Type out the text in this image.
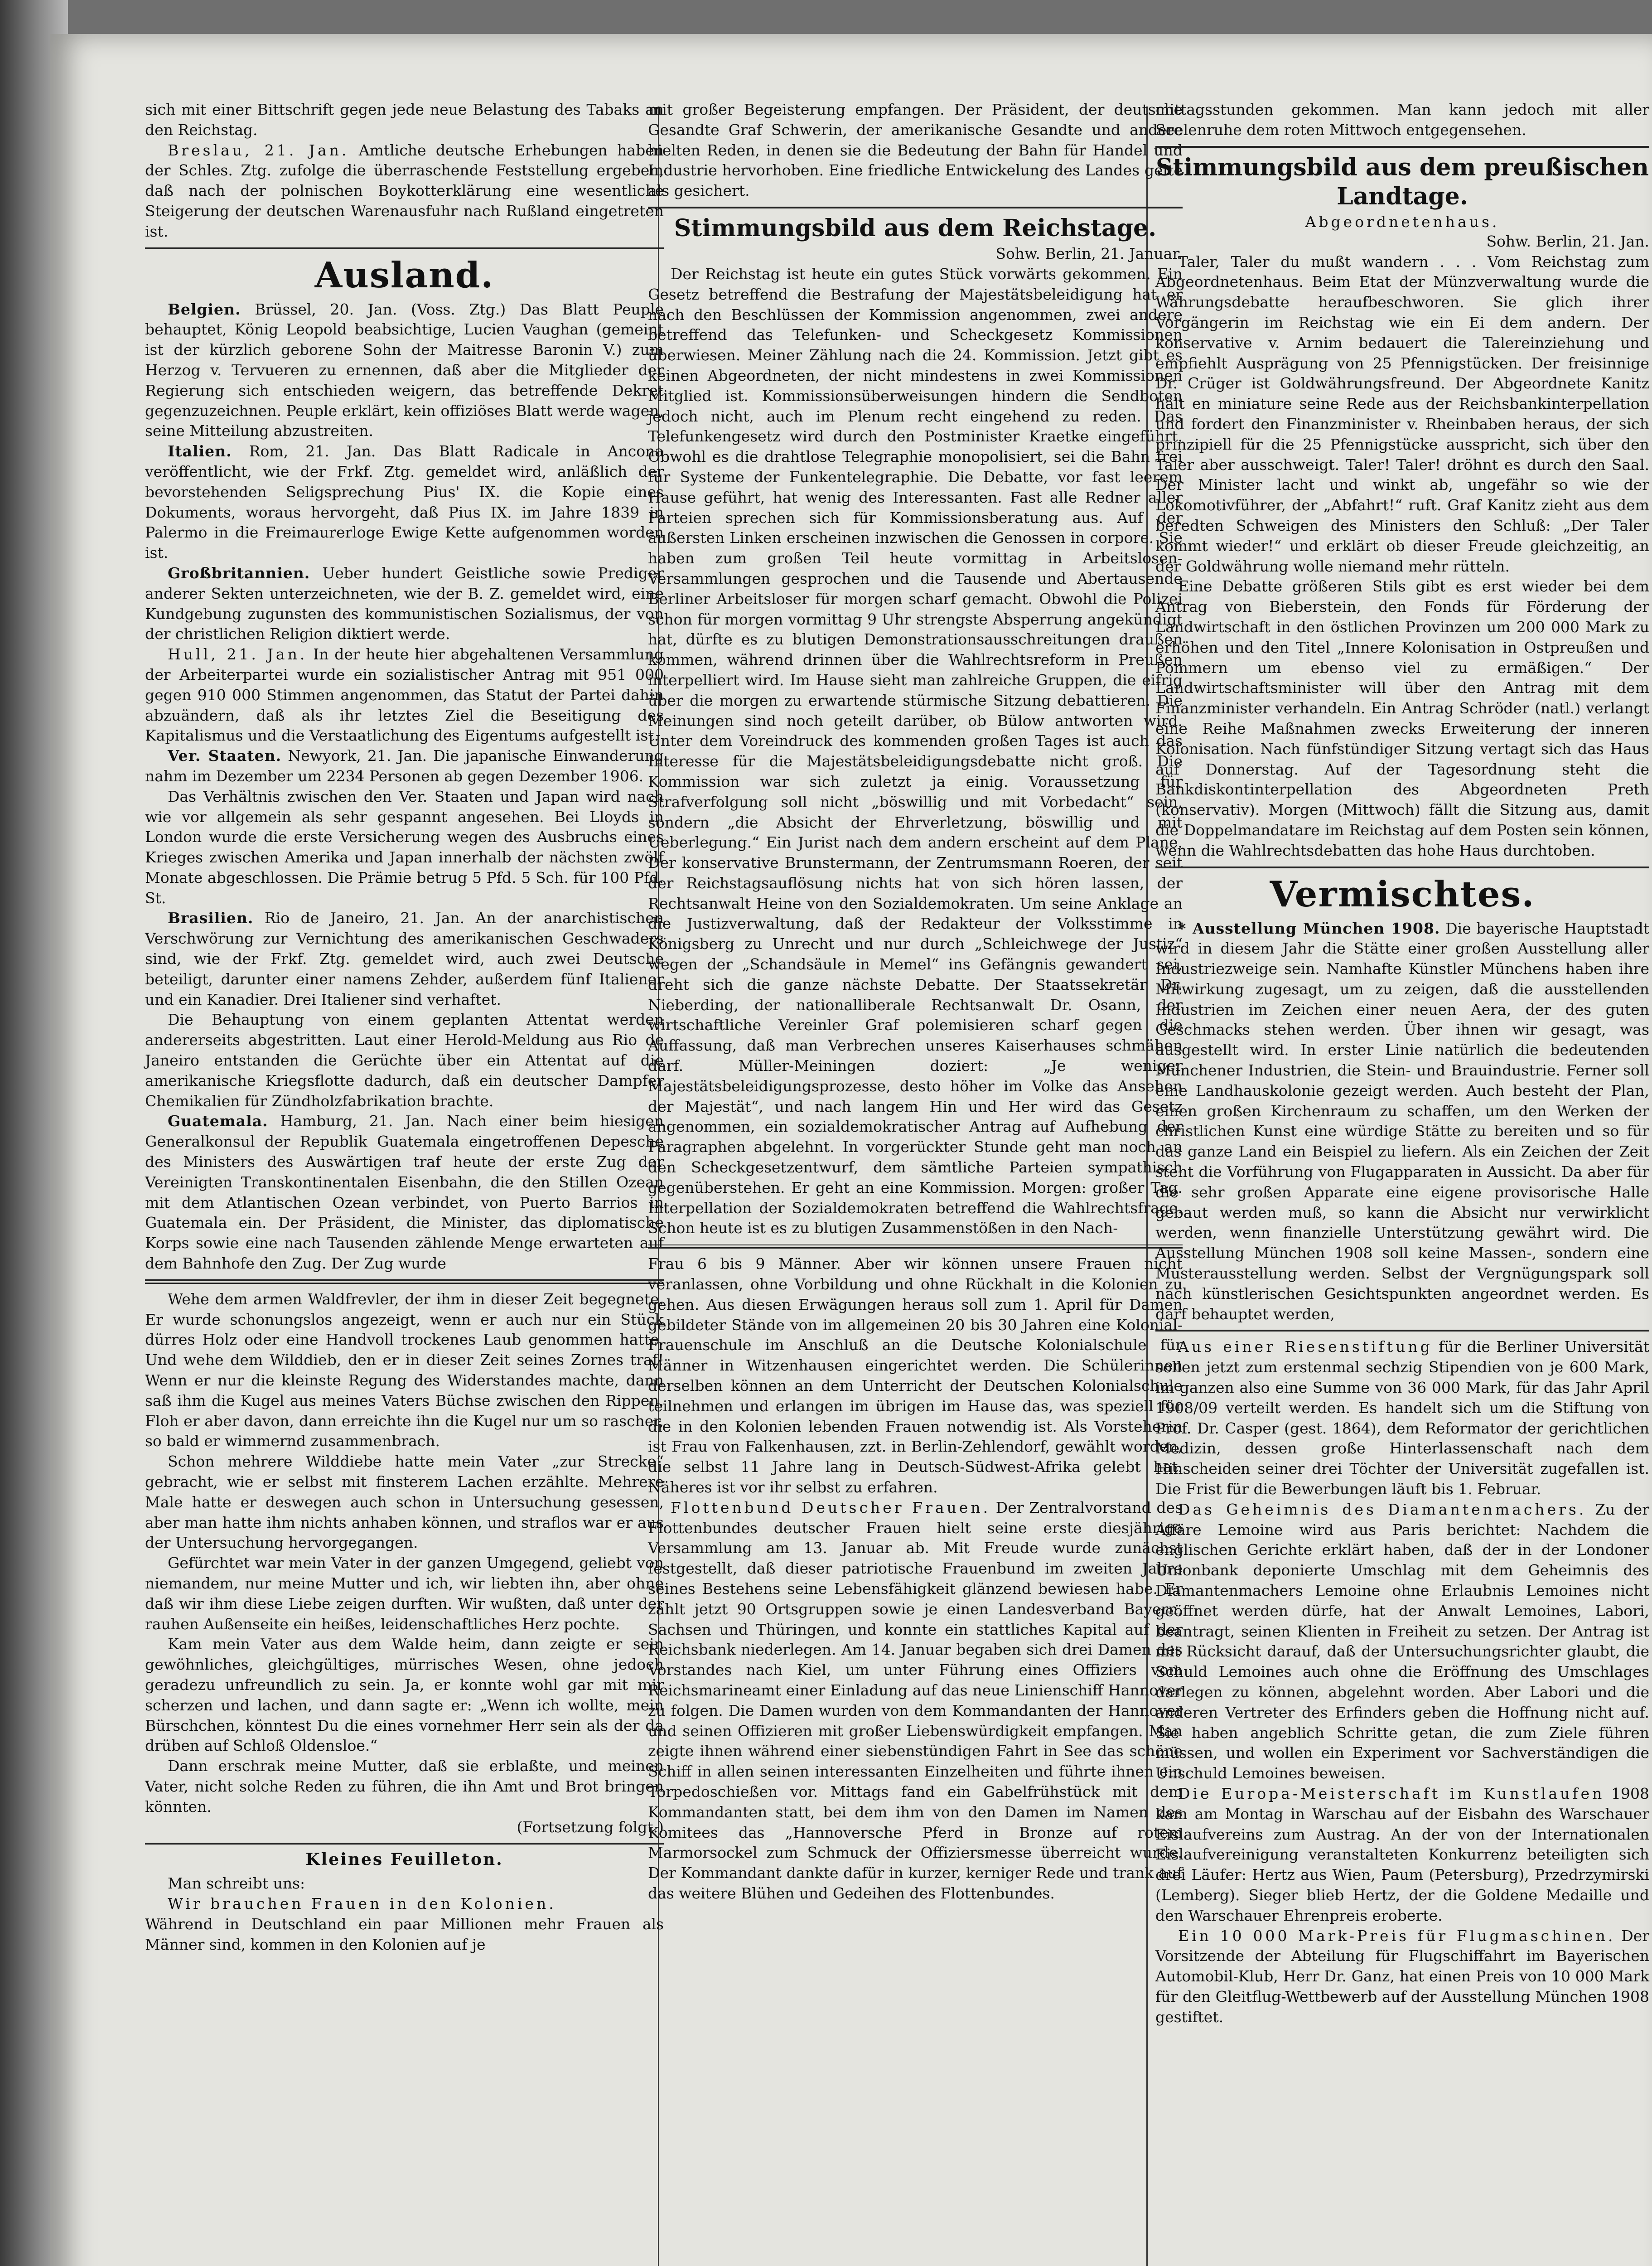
sich mit einer Bittschrift gegen jede neue Belastung des Tabaks an den Reichstag.

Breslau, 21. Jan. Amtliche deutsche Erhebungen haben der Schles. Ztg. zufolge die überraschende Feststellung ergeben, daß nach der polnischen Boykotterklärung eine wesentliche Steigerung der deutschen Warenausfuhr nach Rußland eingetreten ist.

Ausland.

Belgien. Brüssel, 20. Jan. (Voss. Ztg.) Das Blatt Peuple behauptet, König Leopold beabsichtige, Lucien Vaughan (gemeint ist der kürzlich geborene Sohn der Maitresse Baronin V.) zum Herzog v. Tervueren zu ernennen, daß aber die Mitglieder der Regierung sich entschieden weigern, das betreffende Dekret gegenzuzeichnen. Peuple erklärt, kein offiziöses Blatt werde wagen, seine Mitteilung abzustreiten.

Italien. Rom, 21. Jan. Das Blatt Radicale in Ancona veröffentlicht, wie der Frkf. Ztg. gemeldet wird, anläßlich der bevorstehenden Seligsprechung Pius' IX. die Kopie eines Dokuments, woraus hervorgeht, daß Pius IX. im Jahre 1839 in Palermo in die Freimaurerloge Ewige Kette aufgenommen worden ist.

Großbritannien. Ueber hundert Geistliche sowie Prediger anderer Sekten unterzeichneten, wie der B. Z. gemeldet wird, eine Kundgebung zugunsten des kommunistischen Sozialismus, der von der christlichen Religion diktiert werde.

Hull, 21. Jan. In der heute hier abgehaltenen Versammlung der Arbeiterpartei wurde ein sozialistischer Antrag mit 951 000 gegen 910 000 Stimmen angenommen, das Statut der Partei dahin abzuändern, daß als ihr letztes Ziel die Beseitigung des Kapitalismus und die Verstaatlichung des Eigentums aufgestellt ist.

Ver. Staaten. Newyork, 21. Jan. Die japanische Einwanderung nahm im Dezember um 2234 Personen ab gegen Dezember 1906.

Das Verhältnis zwischen den Ver. Staaten und Japan wird nach wie vor allgemein als sehr gespannt angesehen. Bei Lloyds in London wurde die erste Versicherung wegen des Ausbruchs eines Krieges zwischen Amerika und Japan innerhalb der nächsten zwölf Monate abgeschlossen. Die Prämie betrug 5 Pfd. 5 Sch. für 100 Pfd. St.

Brasilien. Rio de Janeiro, 21. Jan. An der anarchistischen Verschwörung zur Vernichtung des amerikanischen Geschwaders sind, wie der Frkf. Ztg. gemeldet wird, auch zwei Deutsche beteiligt, darunter einer namens Zehder, außerdem fünf Italiener und ein Kanadier. Drei Italiener sind verhaftet.

Die Behauptung von einem geplanten Attentat werden andererseits abgestritten. Laut einer Herold-Meldung aus Rio de Janeiro entstanden die Gerüchte über ein Attentat auf die amerikanische Kriegsflotte dadurch, daß ein deutscher Dampfer Chemikalien für Zündholzfabrikation brachte.

Guatemala. Hamburg, 21. Jan. Nach einer beim hiesigen Generalkonsul der Republik Guatemala eingetroffenen Depesche des Ministers des Auswärtigen traf heute der erste Zug der Vereinigten Transkontinentalen Eisenbahn, die den Stillen Ozean mit dem Atlantischen Ozean verbindet, von Puerto Barrios in Guatemala ein. Der Präsident, die Minister, das diplomatische Korps sowie eine nach Tausenden zählende Menge erwarteten auf dem Bahnhofe den Zug. Der Zug wurde

Wehe dem armen Waldfrevler, der ihm in dieser Zeit begegnete. Er wurde schonungslos angezeigt, wenn er auch nur ein Stück dürres Holz oder eine Handvoll trockenes Laub genommen hatte. Und wehe dem Wilddieb, den er in dieser Zeit seines Zornes traf! Wenn er nur die kleinste Regung des Widerstandes machte, dann saß ihm die Kugel aus meines Vaters Büchse zwischen den Rippen. Floh er aber davon, dann erreichte ihn die Kugel nur um so rascher, so bald er wimmernd zusammenbrach.

Schon mehrere Wilddiebe hatte mein Vater „zur Strecke“ gebracht, wie er selbst mit finsterem Lachen erzählte. Mehrere Male hatte er deswegen auch schon in Untersuchung gesessen, aber man hatte ihm nichts anhaben können, und straflos war er aus der Untersuchung hervorgegangen.

Gefürchtet war mein Vater in der ganzen Umgegend, geliebt von niemandem, nur meine Mutter und ich, wir liebten ihn, aber ohne daß wir ihm diese Liebe zeigen durften. Wir wußten, daß unter der rauhen Außenseite ein heißes, leidenschaftliches Herz pochte.

Kam mein Vater aus dem Walde heim, dann zeigte er sein gewöhnliches, gleichgültiges, mürrisches Wesen, ohne jedoch geradezu unfreundlich zu sein. Ja, er konnte wohl gar mit mir scherzen und lachen, und dann sagte er: „Wenn ich wollte, mein Bürschchen, könntest Du die eines vornehmer Herr sein als der da drüben auf Schloß Oldensloe.“

Dann erschrak meine Mutter, daß sie erblaßte, und meinen Vater, nicht solche Reden zu führen, die ihn Amt und Brot bringen könnten.

(Fortsetzung folgt.)

Kleines Feuilleton.

Man schreibt uns:

Wir brauchen Frauen in den Kolonien.

Während in Deutschland ein paar Millionen mehr Frauen als Männer sind, kommen in den Kolonien auf je

mit großer Begeisterung empfangen. Der Präsident, der deutsche Gesandte Graf Schwerin, der amerikanische Gesandte und andere hielten Reden, in denen sie die Bedeutung der Bahn für Handel und Industrie hervorhoben. Eine friedliche Entwickelung des Landes gelte als gesichert.

Stimmungsbild aus dem Reichstage.

Sohw. Berlin, 21. Januar.

Der Reichstag ist heute ein gutes Stück vorwärts gekommen. Ein Gesetz betreffend die Bestrafung der Majestätsbeleidigung hat er nach den Beschlüssen der Kommission angenommen, zwei andere betreffend das Telefunken- und Scheckgesetz Kommissionen überwiesen. Meiner Zählung nach die 24. Kommission. Jetzt gibt es keinen Abgeordneten, der nicht mindestens in zwei Kommissionen Mitglied ist. Kommissionsüberweisungen hindern die Sendboten jedoch nicht, auch im Plenum recht eingehend zu reden. Das Telefunkengesetz wird durch den Postminister Kraetke eingeführt. Obwohl es die drahtlose Telegraphie monopolisiert, sei die Bahn frei für Systeme der Funkentelegraphie. Die Debatte, vor fast leerem Hause geführt, hat wenig des Interessanten. Fast alle Redner aller Parteien sprechen sich für Kommissionsberatung aus. Auf der äußersten Linken erscheinen inzwischen die Genossen in corpore. Sie haben zum großen Teil heute vormittag in Arbeitslosen-Versammlungen gesprochen und die Tausende und Abertausende Berliner Arbeitsloser für morgen scharf gemacht. Obwohl die Polizei schon für morgen vormittag 9 Uhr strengste Absperrung angekündigt hat, dürfte es zu blutigen Demonstrationsausschreitungen draußen kommen, während drinnen über die Wahlrechtsreform in Preußen interpelliert wird. Im Hause sieht man zahlreiche Gruppen, die eifrig über die morgen zu erwartende stürmische Sitzung debattieren. Die Meinungen sind noch geteilt darüber, ob Bülow antworten wird. Unter dem Voreindruck des kommenden großen Tages ist auch das Interesse für die Majestätsbeleidigungsdebatte nicht groß. Die Kommission war sich zuletzt ja einig. Voraussetzung für Strafverfolgung soll nicht „böswillig und mit Vorbedacht“ sein, sondern „die Absicht der Ehrverletzung, böswillig und mit Ueberlegung.“ Ein Jurist nach dem andern erscheint auf dem Plane. Der konservative Brunstermann, der Zentrumsmann Roeren, der seit der Reichstagsauflösung nichts hat von sich hören lassen, der Rechtsanwalt Heine von den Sozialdemokraten. Um seine Anklage an die Justizverwaltung, daß der Redakteur der Volksstimme in Königsberg zu Unrecht und nur durch „Schleichwege der Justiz“ wegen der „Schandsäule in Memel“ ins Gefängnis gewandert sei, dreht sich die ganze nächste Debatte. Der Staatssekretär Dr. Nieberding, der nationalliberale Rechtsanwalt Dr. Osann, der wirtschaftliche Vereinler Graf polemisieren scharf gegen die Auffassung, daß man Verbrechen unseres Kaiserhauses schmähen darf. Müller-Meiningen doziert: „Je weniger Majestätsbeleidigungsprozesse, desto höher im Volke das Ansehen der Majestät“, und nach langem Hin und Her wird das Gesetz angenommen, ein sozialdemokratischer Antrag auf Aufhebung der Paragraphen abgelehnt. In vorgerückter Stunde geht man noch an den Scheckgesetzentwurf, dem sämtliche Parteien sympathisch gegenüberstehen. Er geht an eine Kommission. Morgen: großer Tag. Interpellation der Sozialdemokraten betreffend die Wahlrechtsfrage. Schon heute ist es zu blutigen Zusammenstößen in den Nach-

Frau 6 bis 9 Männer. Aber wir können unsere Frauen nicht veranlassen, ohne Vorbildung und ohne Rückhalt in die Kolonien zu gehen. Aus diesen Erwägungen heraus soll zum 1. April für Damen gebildeter Stände von im allgemeinen 20 bis 30 Jahren eine Kolonial-Frauenschule im Anschluß an die Deutsche Kolonialschule für Männer in Witzenhausen eingerichtet werden. Die Schülerinnen derselben können an dem Unterricht der Deutschen Kolonialschule teilnehmen und erlangen im übrigen im Hause das, was speziell für die in den Kolonien lebenden Frauen notwendig ist. Als Vorsteherin ist Frau von Falkenhausen, zzt. in Berlin-Zehlendorf, gewählt worden, die selbst 11 Jahre lang in Deutsch-Südwest-Afrika gelebt hat. Näheres ist vor ihr selbst zu erfahren.

Flottenbund Deutscher Frauen. Der Zentralvorstand des Flottenbundes deutscher Frauen hielt seine erste diesjährige Versammlung am 13. Januar ab. Mit Freude wurde zunächst festgestellt, daß dieser patriotische Frauenbund im zweiten Jahre seines Bestehens seine Lebensfähigkeit glänzend bewiesen habe. Er zählt jetzt 90 Ortsgruppen sowie je einen Landesverband Bayern, Sachsen und Thüringen, und konnte ein stattliches Kapital auf der Reichsbank niederlegen. Am 14. Januar begaben sich drei Damen des Vorstandes nach Kiel, um unter Führung eines Offiziers vom Reichsmarineamt einer Einladung auf das neue Linienschiff Hannover zu folgen. Die Damen wurden von dem Kommandanten der Hannover und seinen Offizieren mit großer Liebenswürdigkeit empfangen. Man zeigte ihnen während einer siebenstündigen Fahrt in See das schöne Schiff in allen seinen interessanten Einzelheiten und führte ihnen ein Torpedoschießen vor. Mittags fand ein Gabelfrühstück mit dem Kommandanten statt, bei dem ihm von den Damen im Namen des Komitees das „Hannoversche Pferd in Bronze auf rotem Marmorsockel zum Schmuck der Offiziersmesse überreicht wurde. Der Kommandant dankte dafür in kurzer, kerniger Rede und trank auf das weitere Blühen und Gedeihen des Flottenbundes.

mittagsstunden gekommen. Man kann jedoch mit aller Seelenruhe dem roten Mittwoch entgegensehen.

Stimmungsbild aus dem preußischen Landtage.
Abgeordnetenhaus.

Sohw. Berlin, 21. Jan.

Taler, Taler du mußt wandern . . . Vom Reichstag zum Abgeordnetenhaus. Beim Etat der Münzverwaltung wurde die Währungsdebatte heraufbeschworen. Sie glich ihrer Vorgängerin im Reichstag wie ein Ei dem andern. Der konservative v. Arnim bedauert die Talereinziehung und empfiehlt Ausprägung von 25 Pfennigstücken. Der freisinnige Dr. Crüger ist Goldwährungsfreund. Der Abgeordnete Kanitz hält en miniature seine Rede aus der Reichsbankinterpellation und fordert den Finanzminister v. Rheinbaben heraus, der sich prinzipiell für die 25 Pfennigstücke ausspricht, sich über den Taler aber ausschweigt. Taler! Taler! dröhnt es durch den Saal. Der Minister lacht und winkt ab, ungefähr so wie der Lokomotivführer, der „Abfahrt!“ ruft. Graf Kanitz zieht aus dem beredten Schweigen des Ministers den Schluß: „Der Taler kommt wieder!“ und erklärt ob dieser Freude gleichzeitig, an der Goldwährung wolle niemand mehr rütteln.

Eine Debatte größeren Stils gibt es erst wieder bei dem Antrag von Bieberstein, den Fonds für Förderung der Landwirtschaft in den östlichen Provinzen um 200 000 Mark zu erhöhen und den Titel „Innere Kolonisation in Ostpreußen und Pommern um ebenso viel zu ermäßigen.“ Der Landwirtschaftsminister will über den Antrag mit dem Finanzminister verhandeln. Ein Antrag Schröder (natl.) verlangt eine Reihe Maßnahmen zwecks Erweiterung der inneren Kolonisation. Nach fünfstündiger Sitzung vertagt sich das Haus auf Donnerstag. Auf der Tagesordnung steht die Bankdiskontinterpellation des Abgeordneten Preth (konservativ). Morgen (Mittwoch) fällt die Sitzung aus, damit die Doppelmandatare im Reichstag auf dem Posten sein können, wenn die Wahlrechtsdebatten das hohe Haus durchtoben.

Vermischtes.

* Ausstellung München 1908. Die bayerische Hauptstadt wird in diesem Jahr die Stätte einer großen Ausstellung aller Industriezweige sein. Namhafte Künstler Münchens haben ihre Mitwirkung zugesagt, um zu zeigen, daß die ausstellenden Industrien im Zeichen einer neuen Aera, der des guten Geschmacks stehen werden. Über ihnen wir gesagt, was ausgestellt wird. In erster Linie natürlich die bedeutenden Münchener Industrien, die Stein- und Brauindustrie. Ferner soll eine Landhauskolonie gezeigt werden. Auch besteht der Plan, einen großen Kirchenraum zu schaffen, um den Werken der christlichen Kunst eine würdige Stätte zu bereiten und so für das ganze Land ein Beispiel zu liefern. Als ein Zeichen der Zeit steht die Vorführung von Flugapparaten in Aussicht. Da aber für die sehr großen Apparate eine eigene provisorische Halle gebaut werden muß, so kann die Absicht nur verwirklicht werden, wenn finanzielle Unterstützung gewährt wird. Die Ausstellung München 1908 soll keine Massen-, sondern eine Musterausstellung werden. Selbst der Vergnügungspark soll nach künstlerischen Gesichtspunkten angeordnet werden. Es darf behauptet werden,

Aus einer Riesenstiftung für die Berliner Universität sollen jetzt zum erstenmal sechzig Stipendien von je 600 Mark, im ganzen also eine Summe von 36 000 Mark, für das Jahr April 1908/09 verteilt werden. Es handelt sich um die Stiftung von Prof. Dr. Casper (gest. 1864), dem Reformator der gerichtlichen Medizin, dessen große Hinterlassenschaft nach dem Hinscheiden seiner drei Töchter der Universität zugefallen ist. Die Frist für die Bewerbungen läuft bis 1. Februar.

Das Geheimnis des Diamantenmachers. Zu der Affäre Lemoine wird aus Paris berichtet: Nachdem die englischen Gerichte erklärt haben, daß der in der Londoner Unionbank deponierte Umschlag mit dem Geheimnis des Diamantenmachers Lemoine ohne Erlaubnis Lemoines nicht geöffnet werden dürfe, hat der Anwalt Lemoines, Labori, beantragt, seinen Klienten in Freiheit zu setzen. Der Antrag ist mit Rücksicht darauf, daß der Untersuchungsrichter glaubt, die Schuld Lemoines auch ohne die Eröffnung des Umschlages darlegen zu können, abgelehnt worden. Aber Labori und die anderen Vertreter des Erfinders geben die Hoffnung nicht auf. Sie haben angeblich Schritte getan, die zum Ziele führen müssen, und wollen ein Experiment vor Sachverständigen die Unschuld Lemoines beweisen.

Die Europa-Meisterschaft im Kunstlaufen 1908 kam am Montag in Warschau auf der Eisbahn des Warschauer Eislaufvereins zum Austrag. An der von der Internationalen Eislaufvereinigung veranstalteten Konkurrenz beteiligten sich drei Läufer: Hertz aus Wien, Paum (Petersburg), Przedrzymirski (Lemberg). Sieger blieb Hertz, der die Goldene Medaille und den Warschauer Ehrenpreis eroberte.

Ein 10 000 Mark-Preis für Flugmaschinen. Der Vorsitzende der Abteilung für Flugschiffahrt im Bayerischen Automobil-Klub, Herr Dr. Ganz, hat einen Preis von 10 000 Mark für den Gleitflug-Wettbewerb auf der Ausstellung München 1908 gestiftet.
